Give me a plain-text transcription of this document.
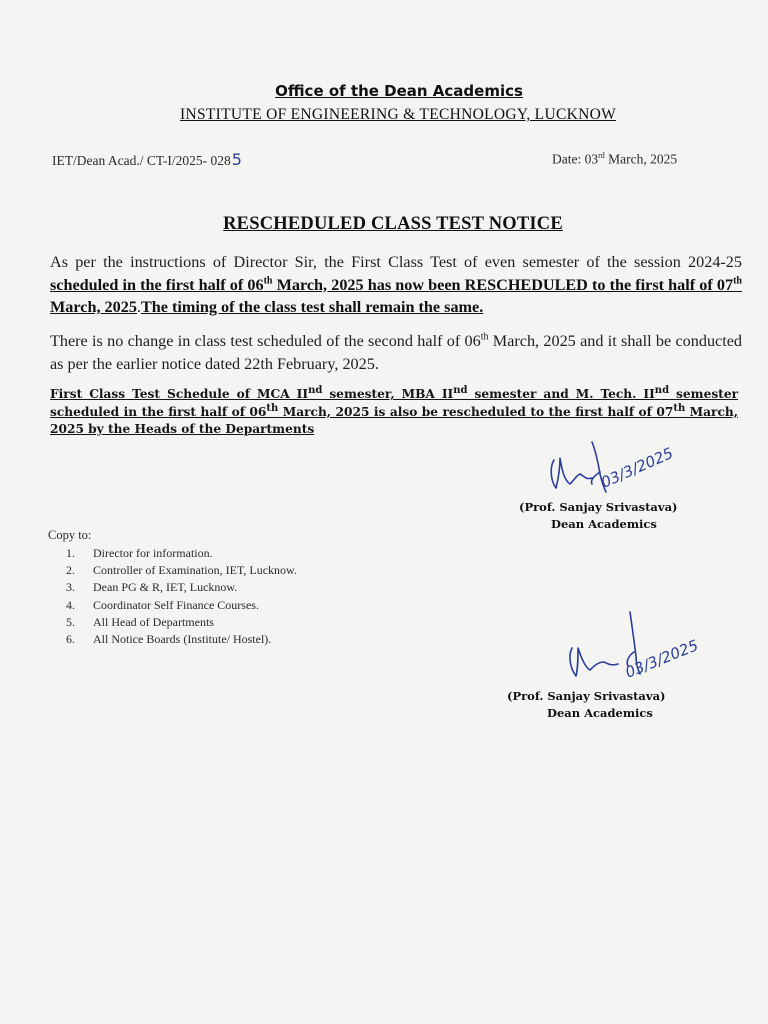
Office of the Dean Academics
INSTITUTE OF ENGINEERING & TECHNOLOGY, LUCKNOW
IET/Dean Acad./ CT-I/2025- 0285	Date: 03rd March, 2025
RESCHEDULED CLASS TEST NOTICE
As per the instructions of Director Sir, the First Class Test of even semester of the session 2024-25 scheduled in the first half of 06th March, 2025 has now been RESCHEDULED to the first half of 07th March, 2025.The timing of the class test shall remain the same.
There is no change in class test scheduled of the second half of 06th March, 2025 and it shall be conducted as per the earlier notice dated 22th February, 2025.
First Class Test Schedule of MCA IInd semester, MBA IInd semester and M. Tech. IInd semester scheduled in the first half of 06th March, 2025 is also be rescheduled to the first half of 07th March, 2025 by the Heads of the Departments
03/3/2025
(Prof. Sanjay Srivastava)
Dean Academics
Copy to:
1. Director for information.
2. Controller of Examination, IET, Lucknow.
3. Dean PG & R, IET, Lucknow.
4. Coordinator Self Finance Courses.
5. All Head of Departments
6. All Notice Boards (Institute/ Hostel).	03/3/2025
(Prof. Sanjay Srivastava)
Dean Academics
